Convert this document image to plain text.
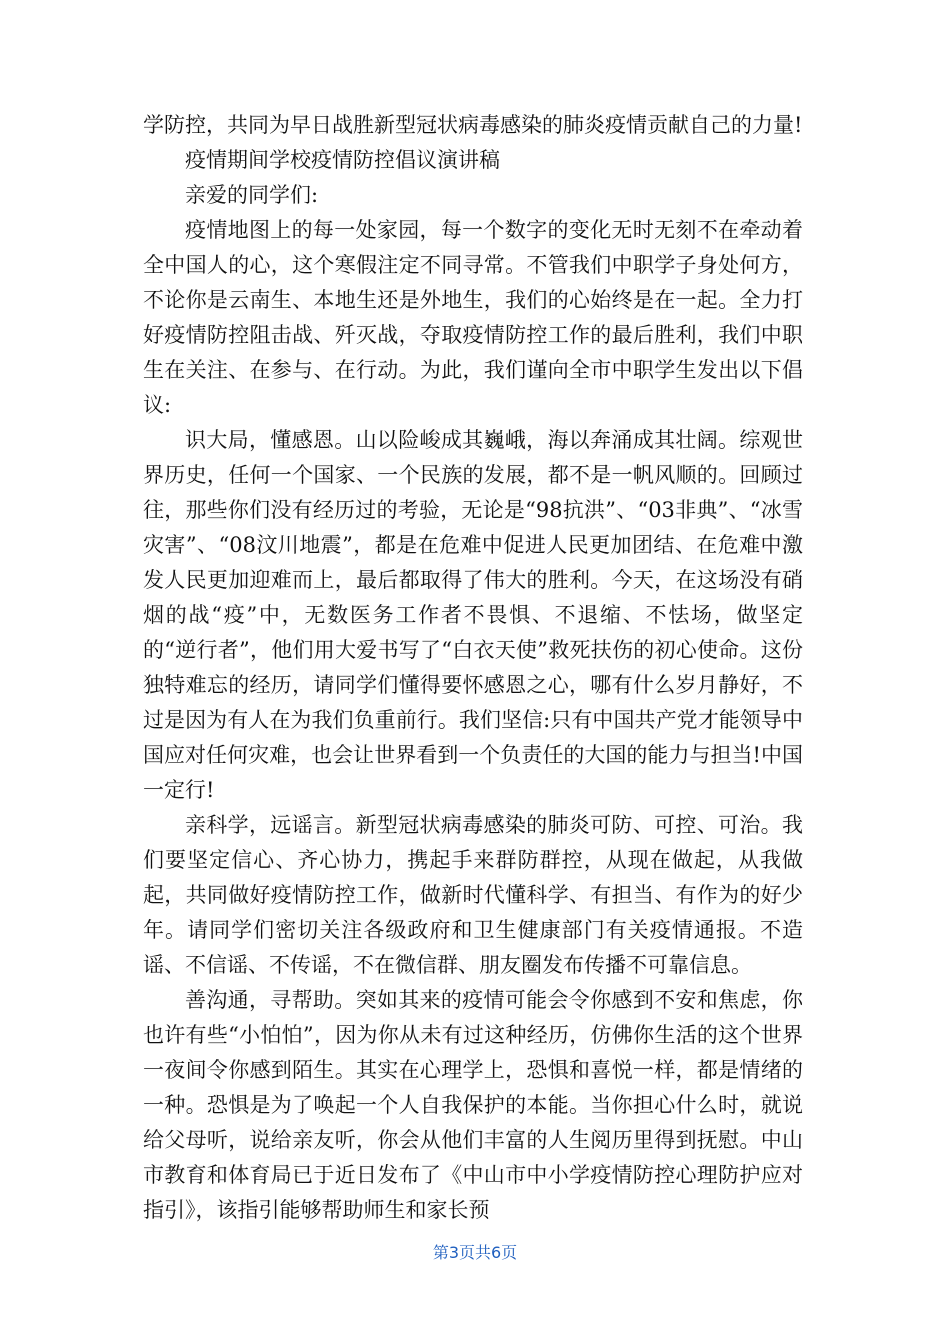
学防控，共同为早日战胜新型冠状病毒感染的肺炎疫情贡献自己的力量!

疫情期间学校疫情防控倡议演讲稿

亲爱的同学们:

疫情地图上的每一处家园，每一个数字的变化无时无刻不在牵动着全中国人的心，这个寒假注定不同寻常。不管我们中职学子身处何方，不论你是云南生、本地生还是外地生，我们的心始终是在一起。全力打好疫情防控阻击战、歼灭战，夺取疫情防控工作的最后胜利，我们中职生在关注、在参与、在行动。为此，我们谨向全市中职学生发出以下倡议:

识大局，懂感恩。山以险峻成其巍峨，海以奔涌成其壮阔。综观世界历史，任何一个国家、一个民族的发展，都不是一帆风顺的。回顾过往，那些你们没有经历过的考验，无论是“98抗洪”、“03非典”、“冰雪灾害”、“08汶川地震”，都是在危难中促进人民更加团结、在危难中激发人民更加迎难而上，最后都取得了伟大的胜利。今天，在这场没有硝烟的战“疫”中，无数医务工作者不畏惧、不退缩、不怯场，做坚定的“逆行者”，他们用大爱书写了“白衣天使”救死扶伤的初心使命。这份独特难忘的经历，请同学们懂得要怀感恩之心，哪有什么岁月静好，不过是因为有人在为我们负重前行。我们坚信:只有中国共产党才能领导中国应对任何灾难，也会让世界看到一个负责任的大国的能力与担当!中国一定行!

亲科学，远谣言。新型冠状病毒感染的肺炎可防、可控、可治。我们要坚定信心、齐心协力，携起手来群防群控，从现在做起，从我做起，共同做好疫情防控工作，做新时代懂科学、有担当、有作为的好少年。请同学们密切关注各级政府和卫生健康部门有关疫情通报。不造谣、不信谣、不传谣，不在微信群、朋友圈发布传播不可靠信息。

善沟通，寻帮助。突如其来的疫情可能会令你感到不安和焦虑，你也许有些“小怕怕”，因为你从未有过这种经历，仿佛你生活的这个世界一夜间令你感到陌生。其实在心理学上，恐惧和喜悦一样，都是情绪的一种。恐惧是为了唤起一个人自我保护的本能。当你担心什么时，就说给父母听，说给亲友听，你会从他们丰富的人生阅历里得到抚慰。中山市教育和体育局已于近日发布了《中山市中小学疫情防控心理防护应对指引》，该指引能够帮助师生和家长预

第3页共6页
